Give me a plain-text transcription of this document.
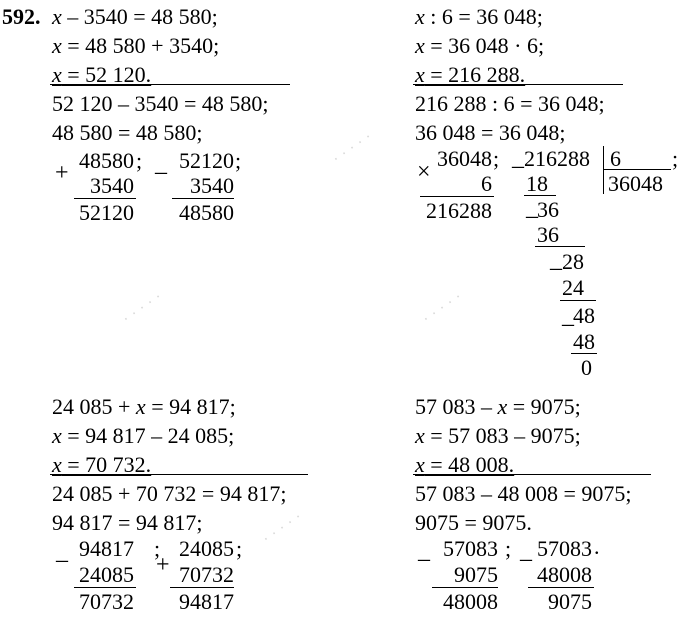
· · · · ·
· · · · ·	· · · · ·
· · · · ·
592. x – 3540 = 48 580;
x = 48 580 + 3540;
x = 52 120.
52 120 – 3540 = 48 580;
48 580 = 48 580;
+ 48580 ;
3540
52120
– 52120 ;
3540
48580
x : 6 = 36 048;
x = 36 048 · 6;
x = 216 288.
216 288 : 6 = 36 048;
36 048 = 36 048;
×
36048 ;
6
216288
– 216288 6 ;
36048
18
– 36
36
– 28
24
– 48
48
0
24 085 + x = 94 817;
x = 94 817 – 24 085;
x = 70 732.
24 085 + 70 732 = 94 817;
94 817 = 94 817;
– 94817 ;
24085
70732
+
24085 ;
70732
94817
57 083 – x = 9075;
x = 57 083 – 9075;
x = 48 008.
57 083 – 48 008 = 9075;
9075 = 9075.
– 57083 ;
9075
48008
– 57083 .
48008
9075
